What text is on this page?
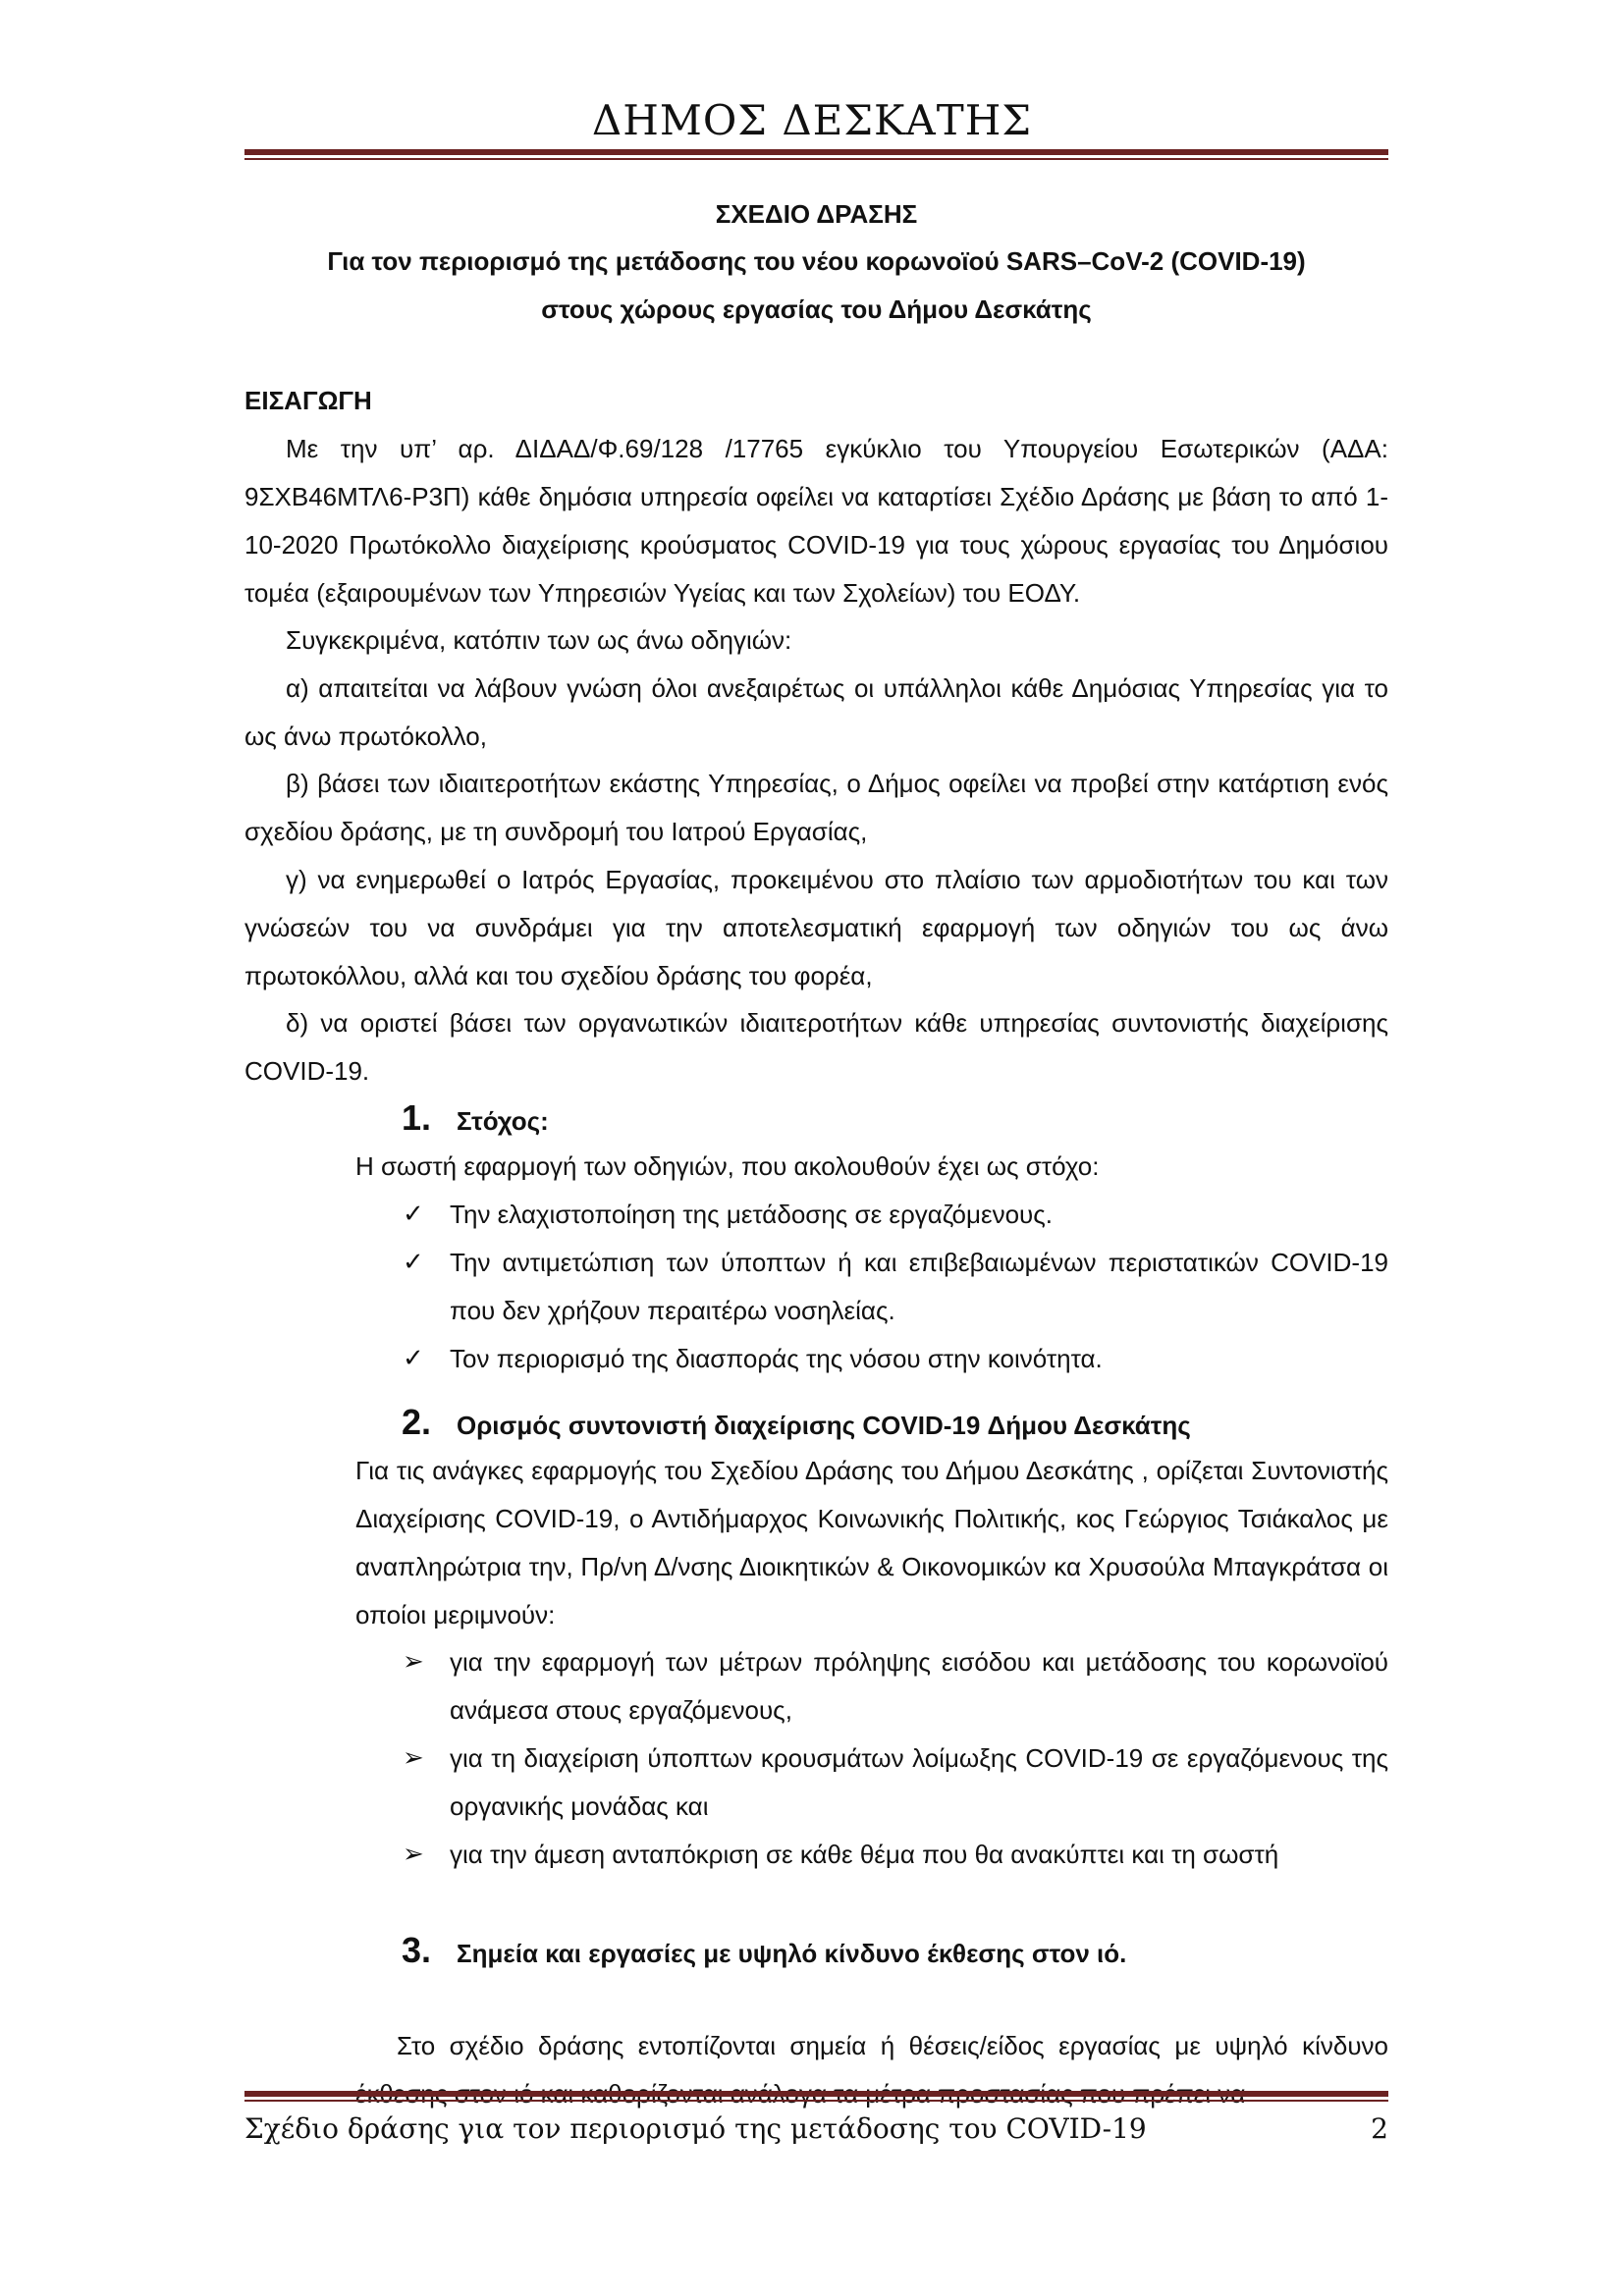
ΔΗΜΟΣ ΔΕΣΚΑΤΗΣ
ΣΧΕΔΙΟ ΔΡΑΣΗΣ
Για τον περιορισμό της μετάδοσης του νέου κορωνοϊού SARS–CoV-2 (COVID-19)
στους χώρους εργασίας του Δήμου Δεσκάτης
ΕΙΣΑΓΩΓΗ
Με την υπ’ αρ. ΔΙΔΑΔ/Φ.69/128 /17765 εγκύκλιο του Υπουργείου Εσωτερικών (ΑΔΑ: 9ΣΧΒ46ΜΤΛ6-Ρ3Π) κάθε δημόσια υπηρεσία οφείλει να καταρτίσει Σχέδιο Δράσης με βάση το από 1-10-2020 Πρωτόκολλο διαχείρισης κρούσματος COVID-19 για τους χώρους εργασίας του Δημόσιου τομέα (εξαιρουμένων των Υπηρεσιών Υγείας και των Σχολείων) του ΕΟΔΥ.
Συγκεκριμένα, κατόπιν των ως άνω οδηγιών:
α) απαιτείται να λάβουν γνώση όλοι ανεξαιρέτως οι υπάλληλοι κάθε Δημόσιας Υπηρεσίας για το ως άνω πρωτόκολλο,
β) βάσει των ιδιαιτεροτήτων εκάστης Υπηρεσίας, ο Δήμος οφείλει να προβεί στην κατάρτιση ενός σχεδίου δράσης, με τη συνδρομή του Ιατρού Εργασίας,
γ) να ενημερωθεί ο Ιατρός Εργασίας, προκειμένου στο πλαίσιο των αρμοδιοτήτων του και των γνώσεών του να συνδράμει για την αποτελεσματική εφαρμογή των οδηγιών του ως άνω πρωτοκόλλου, αλλά και του σχεδίου δράσης του φορέα,
δ) να οριστεί βάσει των οργανωτικών ιδιαιτεροτήτων κάθε υπηρεσίας συντονιστής διαχείρισης COVID-19.
1. Στόχος:
Η σωστή εφαρμογή των οδηγιών, που ακολουθούν έχει ως στόχο:
✓	Την ελαχιστοποίηση της μετάδοσης σε εργαζόμενους.
✓	Την αντιμετώπιση των ύποπτων ή και επιβεβαιωμένων περιστατικών COVID-19 που δεν χρήζουν περαιτέρω νοσηλείας.
✓	Τον περιορισμό της διασποράς της νόσου στην κοινότητα.
2. Ορισμός συντονιστή διαχείρισης COVID-19 Δήμου Δεσκάτης
Για τις ανάγκες εφαρμογής του Σχεδίου Δράσης του Δήμου Δεσκάτης , ορίζεται Συντονιστής Διαχείρισης COVID-19, ο Αντιδήμαρχος Κοινωνικής Πολιτικής, κος Γεώργιος Τσιάκαλος με αναπληρώτρια την, Πρ/νη Δ/νσης Διοικητικών & Οικονομικών κα Χρυσούλα Μπαγκράτσα οι οποίοι μεριμνούν:
➢	για την εφαρμογή των μέτρων πρόληψης εισόδου και μετάδοσης του κορωνοϊού ανάμεσα στους εργαζόμενους,
➢	για τη διαχείριση ύποπτων κρουσμάτων λοίμωξης COVID-19 σε εργαζόμενους της οργανικής μονάδας και
➢	για την άμεση ανταπόκριση σε κάθε θέμα που θα ανακύπτει και τη σωστή
3. Σημεία και εργασίες με υψηλό κίνδυνο έκθεσης στον ιό.
Στο σχέδιο δράσης εντοπίζονται σημεία ή θέσεις/είδος εργασίας με υψηλό κίνδυνο
Σχέδιο δράσης για τον περιορισμό της μετάδοσης του COVID-19	2
